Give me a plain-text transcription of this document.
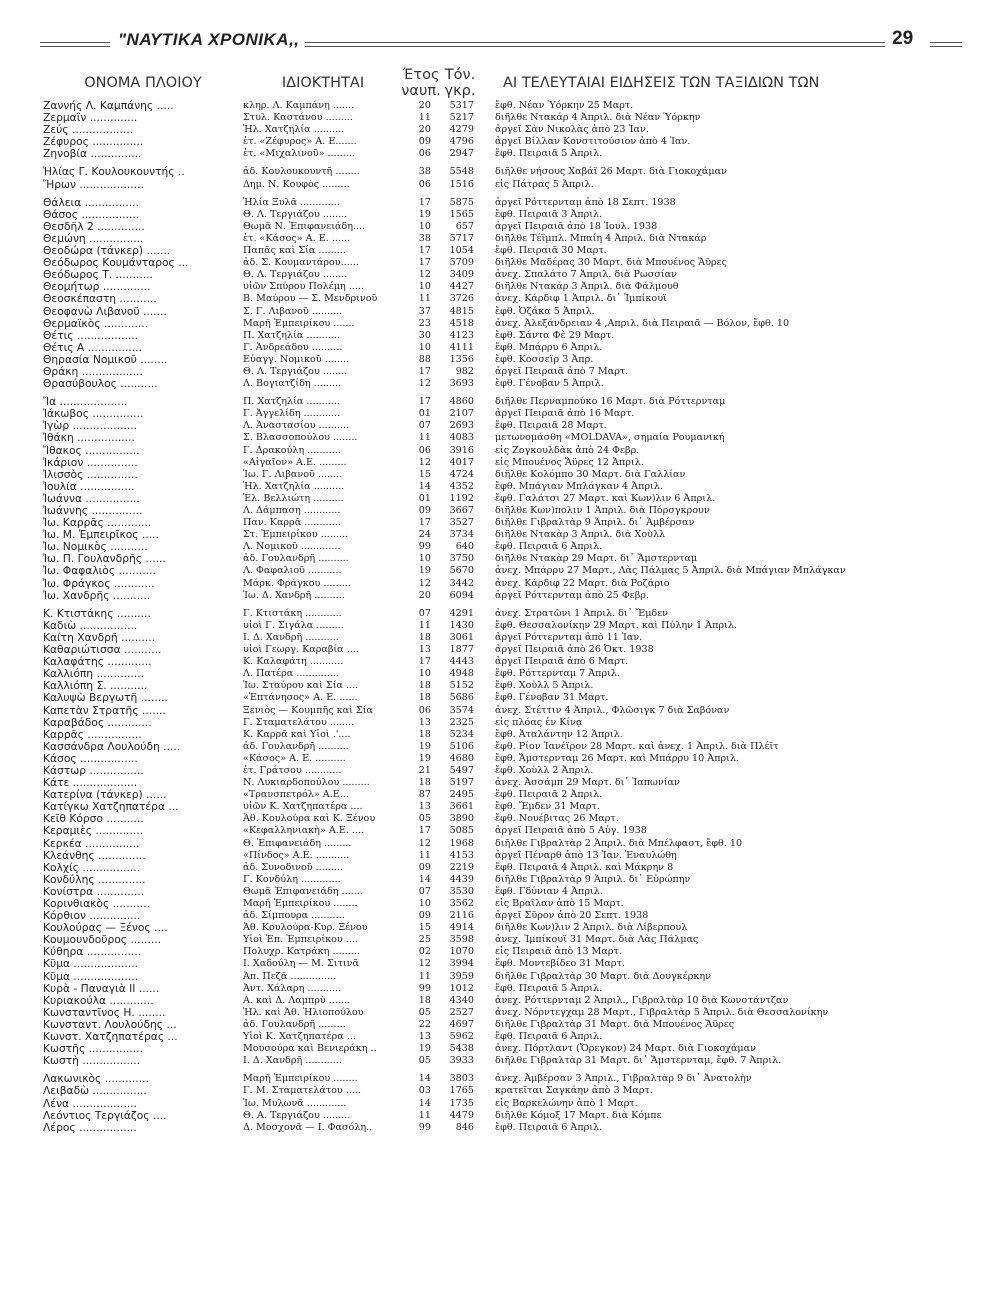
"ΝΑΥΤΙΚΑ ΧΡΟΝΙΚΑ,,	29
ΟΝΟΜΑ ΠΛΟΙΟΥ	ΙΔΙΟΚΤΗΤΑΙ	Έτος
ναυπ.
Τόν.
γκρ.	ΑΙ ΤΕΛΕΥΤΑΙΑΙ ΕΙΔΗΣΕΙΣ ΤΩΝ ΤΑΞΙΔΙΩΝ ΤΩΝ
Ζαννής Λ. Καμπάνης .....	κληρ. Λ. Καμπάνη .......	20	5317 ἔφθ. Νέαν Ὑόρκην 25 Μαρτ.
Ζερμαΐν ..............	Στυλ. Καστάνου .........	11	5217 διῆλθε Ντακάρ 4 Ἀπριλ. διὰ Νέαν Ὑόρκην
Ζεύς ..................	Ἠλ. Χατζηλία ..........	20	4279 ἀργεῖ Σὰν Νικολὰς ἀπὸ 23 Ἰαν.
Ζέφυρος ...............	ἑτ. «Ζέφυρος» Α. Ε.......	09	4796 ἀργεῖ Βίλλαν Κονστιτούσιον ἀπὸ 4 Ἰαν.
Ζηνοβία ...............	ἑτ. «Μιχαλινοῦ» .........	06	2947 ἔφθ. Πειραιᾶ 5 Ἀπριλ.
Ἡλίας Γ. Κουλουκουντής ..	ἀδ. Κουλουκουντῆ ........	38	5548 διῆλθε νήσους Χαβάϊ 26 Μαρτ. διὰ Γιοκοχάμαν
Ἥρων ...................	Δημ. Ν. Κουφὸς .........	06	1516 εἰς Πάτρας 5 Ἀπριλ.
Θάλεια ................	Ἠλία Ξυλᾶ .............	17	5875 ἀργεῖ Ρόττερνταμ ἀπὸ 18 Σεπτ. 1938
Θάσος .................	Θ. Λ. Τεργιάζου ........	19	1565 ἔφθ. Πειραιᾶ 3 Ἀπριλ.
Θεσδῆλ 2 ..............	Θωμᾶ Ν. Ἐπιφανειάδη....	10	657 ἀργεῖ Πειραιᾶ ἀπὸ 18 Ἰουλ. 1938
Θεμώνη ................	ἑτ. «Κάσος» Α. Ε. ......	38	5717 διῆλθε Τέϊμπλ. Μπαίη 4 Ἀπριλ. διὰ Ντακάρ
Θεοδώρα (τάνκερ) .......	Παπᾶς καὶ Σία .........	17	1054 ἔφθ. Πειραιᾶ 30 Μαρτ.
Θεόδωρος Κουμάνταρος ...	ἀδ. Σ. Κουμαντάρου......	17	5709 διῆλθε Μαδέρας 30 Μαρτ. διὰ Μπουένος Ἄϋρες
Θεόδωρος Τ. ...........	Θ. Λ. Τεργιάζου ........	12	3409 ἀνεχ. Σπαλάτο 7 Ἀπριλ. διὰ Ρωσσίαν
Θεομήτωρ ..............	υἱῶν Σπύρου Πολέμη .....	10	4427 διῆλθε Ντακάρ 3 Ἀπριλ. διὰ Φάλμουθ
Θεοσκέπαστη ...........	Β. Μαύρου — Σ. Μενδρινοῦ	11	3726 ἀνεχ. Κάρδιφ 1 Ἀπριλ. δι᾽ Ἰμπίκουϊ
Θεοφανὼ Λιβανοῦ .......	Σ. Γ. Λιβανοῦ ..........	37	4815 ἔφθ. Ὀζάκα 5 Ἀπριλ.
Θερμαϊκὸς .............	Μαρῆ Ἐμπειρίκου .......	23	4518 ἀνεχ. Ἀλεξάνδρειαν 4 ,Απριλ. διὰ Πειραιᾶ — Βόλον, ἔφθ. 10
Θέτις ..................	Π. Χατζηλία ...........	30	4123 ἔφθ. Σάντα Φὲ 29 Μαρτ.
Θέτις Α ................	Γ. Ἀνδρεάδου ..........	10	4111 ἔφθ. Μπάρρυ 6 Ἀπριλ.
Θηρασία Νομικοῦ ........	Εὐαγγ. Νομικοῦ ........	88	1356 ἔφθ. Κοσσεΐρ 3 Ἀπρ.
Θράκη ..................	Θ. Λ. Τεργιάζου ........	17	982 ἀργεῖ Πειραιᾶ ἀπὸ 7 Μαρτ.
Θρασύβουλος ...........	Λ. Βογιατζίδη .........	12	3693 ἔφθ. Γένοβαν 5 Ἀπριλ.
Ἴα ....................	Π. Χατζηλία ...........	17	4860 διῆλθε Περναμπούκο 16 Μαρτ. διὰ Ρόττερνταμ
Ἰάκωβος ...............	Γ. Ἀγγελίδη ............	01	2107 ἀργεῖ Πειραιᾶ ἀπὸ 16 Μαρτ.
Ἰγὼρ ...................	Λ. Ἀναστασίου ..........	07	2693 ἔφθ. Πειραιᾶ 28 Μαρτ.
Ἰθάκη .................	Σ. Βλασσοπούλου ........	11	4083 μετωνομάσθη «MOLDAVA», σημαία Ρουμανική
Ἴθακος ................	Γ. Δρακούλη ...........	06	3916 εἰς Ζογκουλδὰκ ἀπὸ 24 Φεβρ.
Ἰκάριον ...............	«Αἰγαῖον» Α.Ε. .........	12	4017 εἰς Μπουένος Ἄϋρες 12 Ἀπριλ.
Ἰλισσὸς ...............	Ἰω. Γ. Λιβανοῦ ........	15	4724 διῆλθε Κολόμπο 30 Μαρτ. διὰ Γαλλίαν
Ἰουλία ................	Ἠλ. Χατζηλία ..........	14	4352 ἔφθ. Μπάγιαν Μπλάγκαν 4 Ἀπριλ.
Ἰωάννα ................	Ἐλ. Βελλιώτη ..........	01	1192 ἔφθ. Γαλάτσι 27 Μαρτ. καὶ Κων)λιν 6 Ἀπριλ.
Ἰωάννης ...............	Λ. Δάμπαση ............	09	3667 διῆλθε Κων)πολιν 1 Ἀπριλ. διὰ Πόρσγκρουν
Ἰω. Καρρᾶς .............	Παν. Καρρᾶ ............	17	3527 διῆλθε Γιβραλτὰρ 9 Ἀπριλ. δι᾽ Ἀμβέρσαν
Ἰω. Μ. Ἐμπειρῖκος .....	Στ. Ἐμπειρίκου .........	24	3734 διῆλθε Ντακὰρ 3 Ἀπριλ. διὰ Χοὺλλ
Ἰω. Νομικὸς ...........	Λ. Νομικοῦ .............	99	640 ἔφθ. Πειραιᾶ 6 Ἀπριλ.
Ἰω. Π. Γουλανδρῆς ......	ἀδ. Γουλανδρῆ ..........	10	3750 διῆλθε Ντακὰρ 29 Μαρτ. δι᾽ Ἄμστερνταμ
Ἰω. Φαφαλιὸς ...........	Λ. Φαφαλιοῦ ...........	19	5670 ἀνεχ. Μπάρρυ 27 Μαρτ., Λὰς Πάλμας 5 Ἀπριλ. διὰ Μπάγιαν Μπλάγκαν
Ἰω. Φράγκος ............	Μάρκ. Φράγκου .........	12	3442 ἀνεχ. Κάρδιφ 22 Μαρτ. διὰ Ροζάριο
Ἰω. Χανδρῆς ...........	Ἰω. Δ. Χανδρῆ ..........	20	6094 ἀργεῖ Ρόττερνταμ ἀπὸ 25 Φεβρ.
Κ. Κτιστάκης ..........	Γ. Κτιστάκη ............	07	4291 ἀνεχ. Στρατῶνι 1 Ἀπριλ. δι᾽ Ἔμδεν
Καδιὼ .................	υἱοὶ Γ. Σιγάλα .........	11	1430 ἔφθ. Θεσσαλονίκην 29 Μαρτ. καὶ Πύλην 1 Ἀπριλ.
Καίτη Χανδρῆ ..........	Ι. Δ. Χανδρῆ ...........	18	3061 ἀργεῖ Ρόττερνταμ ἀπὸ 11 Ἰαν.
Καθαριώτισσα ...........	υἱοὶ Γεωργ. Καραβία ....	13	1877 ἀργεῖ Πειραιᾶ ἀπὸ 26 Ὀκτ. 1938
Καλαφάτης .............	Κ. Καλαφάτη ...........	17	4443 ἀργεῖ Πειραιᾶ ἀπὸ 6 Μαρτ.
Καλλιόπη ..............	Λ. Πατέρα ..............	10	4948 ἔφθ. Ρόττερνταμ 7 Ἀπριλ.
Καλλιόπη Σ. ...........	Ἰω. Σταύρου καὶ Σία ....	18	5152 ἔφθ. Χοὺλλ 5 Ἀπριλ.
Καλυψὼ Βεργωτῆ ........	«Ἑπτάνησος» Α. Ε. ......	18	5686 ἔφθ. Γένοβαν 31 Μαρτ.
Καπετὰν Στρατῆς .......	Ξενιὸς — Κουμπῆς καὶ Σία	06	3574 ἀνεχ. Στέττιν 4 Ἀπριλ., Φλῶσιγκ 7 διὰ Σαβόναν
Καραβάδος .............	Γ. Σταματελάτου ........	13	2325 εἰς πλόας ἐν Κίνᾳ
Καρρᾶς ................	Κ. Καρρᾶ καὶ Υἱοὶ .'....	18	5234 ἔφθ. Ἀταλάντην 12 Ἀπριλ.
Κασσάνδρα Λουλούδη .....	ἀδ. Γουλανδρῆ ..........	19	5106 ἔφθ. Ρίον Ἰανέϊρον 28 Μαρτ. καὶ ἀνεχ. 1 Ἀπριλ. διὰ Πλέϊτ
Κάσος .................	«Κάσος» Α. Ε. ..........	19	4680 ἔφθ. Ἄμστερνταμ 26 Μαρτ. καὶ Μπάρρυ 10 Ἀπριλ.
Κάστωρ ................	ἑτ. Γράτσου ............	21	5497 ἔφθ. Χοὺλλ 2 Ἀπριλ.
Κάτε ...................	Ν. Λυκιαρδοπούλου .........	18	5197 ἀνεχ. Ἀσσάμπ 29 Μαρτ. δι᾽ Ἰαπωνίαν
Κατερίνα (τάνκερ) ......	«Τρανσπετρόλ» Α.Ε...	87	2495 ἔφθ. Πειραιᾶ 2 Ἀπριλ.
Κατίγκω Χατζηπατέρα ...	υἱῶν Κ. Χατζηπατέρα ....	13	3661 ἔφθ. Ἔμδεν 31 Μαρτ.
Κεῖθ Κόρσο ...........	Ἀθ. Κουλούρα καὶ Κ. Ξένου	05	3890 ἔφθ. Νουέβιτας 26 Μαρτ.
Κεραμιὲς ..............	«Κεφαλληνιακὴ» Α.Ε. ....	17	5085 ἀργεῖ Πειραιᾶ ἀπὸ 5 Αὐγ. 1938
Κερκέα ................	Θ. Ἐπιφανειάδη .........	12	1968 διῆλθε Γιβραλτὰρ 2 Ἀπριλ. διὰ Μπέλφαστ, ἔφθ. 10
Κλεάνθης ..............	«Πίνδος» Α.Ε. ...........	11	4153 ἀργεῖ Πέναρθ ἀπὸ 13 Ἰαν. Ἐναυλώθη
Κολχίς .................	ἀδ. Συνοδινοῦ .........	09	2219 ἔφθ. Πειραιᾶ 4 Ἀπριλ. καὶ Μάκρην 8
Κονδύλης ..............	Γ. Κονδύλη .............	14	4439 διῆλθε Γιβραλτὰρ 9 Ἀπριλ. δι᾽ Εὐρώπην
Κονίστρα ..............	Θωμᾶ Ἐπιφανειάδη .......	07	3530 ἔφθ. Γδύνιαν 4 Ἀπριλ.
Κορινθιακὸς ...........	Μαρῆ Ἐμπειρίκου ........	10	3562 εἰς Βραΐλαν ἀπὸ 15 Μαρτ.
Κόρθιον ...............	ἀδ. Σίμπουρα ...........	09	2116 ἀργεῖ Σῦρον ἀπὸ 20 Σεπτ. 1938
Κουλούρας — Ξένος ....	Ἀθ. Κουλούρα-Κυρ. Ξένου	15	4914 διῆλθε Κων)λιν 2 Ἀπριλ. διὰ Λίβερπουλ
Κουμουνδοῦρος .........	Υἱοὶ Ἐπ. Ἐμπειρίκου ....	25	3598 ἀνεχ. Ἰμπίκουϊ 31 Μαρτ. διὰ Λὰς Πάλμας
Κύθηρα ................	Πολυχρ. Κατράκη .........	02	1070 εἰς Πειραιᾶ ἀπὸ 13 Μαρτ.
Κῦμα ...................	Ι. Χαδούλη — Μ. Σιτινᾶ	12	3994 ἔφθ. Μοντεβίδεο 31 Μαρτ.
Κῦμα ...................	Ἀπ. Πεζᾶ ...............	11	3959 διῆλθε Γιβραλτὰρ 30 Μαρτ. διὰ Δουγκέρκην
Κυρὰ - Παναγιὰ ΙΙ ......	Ἀντ. Χάλαρη ...........	99	1012 ἔφθ. Πειραιᾶ 5 Ἀπριλ.
Κυριακούλα .............	Α. καὶ Δ. Λαμπρὺ .......	18	4340 ἀνεχ. Ρόττερνταμ 2 Ἀπριλ., Γιβραλτὰρ 10 διὰ Κωνστάντζαν
Κωνσταντῖνος Η. ........	Ἠλ. καὶ Ἀθ. Ἠλιοπούλου	05	2527 ἀνεχ. Νόρντεγχαμ 28 Μαρτ., Γιβραλτὰρ 5 Ἀπριλ. διὰ Θεσσαλονίκην
Κωνσταντ. Λουλούδης ...	ἀδ. Γουλανδρῆ .........	22	4697 διῆλθε Γιβραλτὰρ 31 Μαρτ. διὰ Μπουένος Ἄϋρες
Κωνστ. Χατζηπατέρας ...	Υἱοὶ Κ. Χατζηπατέρα ...	13	5962 ἔφθ. Πειραιᾶ 6 Ἀπριλ.
Κωστῆς ................	Μουσούρα καὶ Βενιεράκη ..	19	5438 ἀνεχ. Πόρτλαντ (Ὄρεγκον) 24 Μαρτ. διὰ Γιοκοχάμαν
Κωστὴ .................	Ι. Δ. Χανδρῆ ............	05	3933 διῆλθε Γιβραλτὰρ 31 Μαρτ. δι᾽ Ἄμστερνταμ, ἔφθ. 7 Ἀπριλ.
Λακωνικὸς .............	Μαρῆ Ἐμπειρίκου ........	14	3803 ἀνεχ. Ἀμβέρσαν 3 Ἀπριλ., Γιβραλτὰρ 9 δι᾽ Ἀνατολὴν
Λειβαδὼ ................	Γ. Μ. Σταματελάτου .....	03	1765 κρατεῖται Σαγκάην ἀπὸ 3 Μαρτ.
Λένα ...................	Ἰω. Μυλωνᾶ .............	14	1735 εἰς Βαρκελώνην ἀπὸ 1 Μαρτ.
Λεόντιος Τεργιάζος ....	Θ. Α. Τεργιάζου .........	11	4479 διῆλθε Κόμοξ 17 Μαρτ. διὰ Κόμπε
Λέρος .................	Δ. Μοσχονᾶ — Ι. Φασόλη..	99	846 ἔφθ. Πειραιᾶ 6 Ἀπριλ.
